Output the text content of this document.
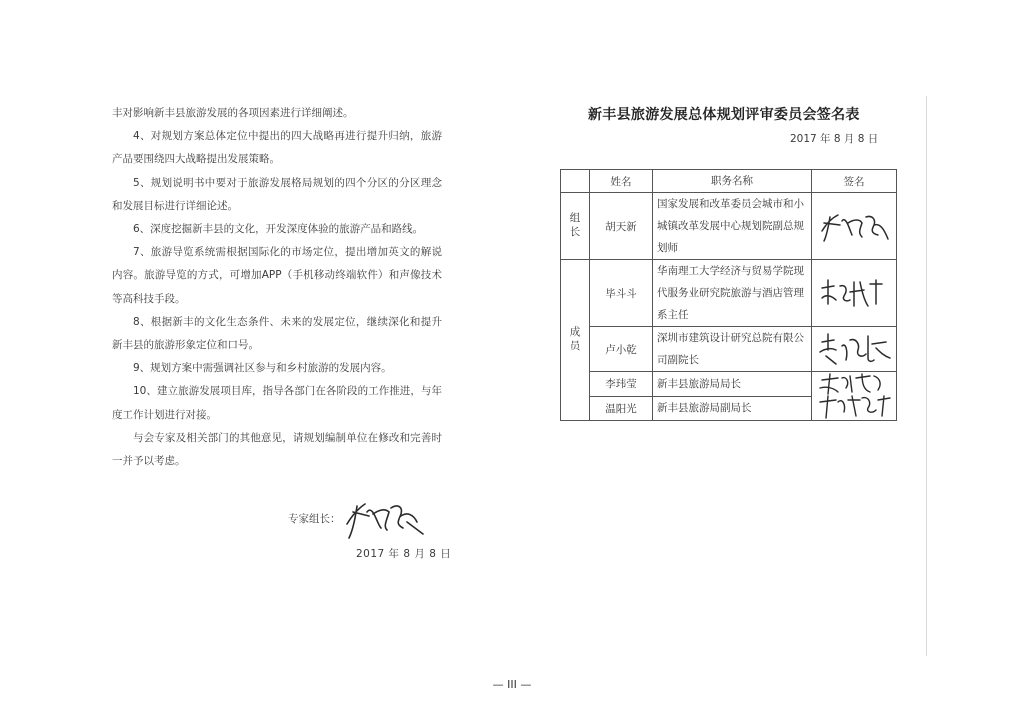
丰对影响新丰县旅游发展的各项因素进行详细阐述。

4、对规划方案总体定位中提出的四大战略再进行提升归纳，旅游产品要围绕四大战略提出发展策略。

5、规划说明书中要对于旅游发展格局规划的四个分区的分区理念和发展目标进行详细论述。

6、深度挖掘新丰县的文化，开发深度体验的旅游产品和路线。

7、旅游导览系统需根据国际化的市场定位，提出增加英文的解说内容。旅游导览的方式，可增加APP（手机移动终端软件）和声像技术等高科技手段。

8、根据新丰的文化生态条件、未来的发展定位，继续深化和提升新丰县的旅游形象定位和口号。

9、规划方案中需强调社区参与和乡村旅游的发展内容。

10、建立旅游发展项目库，指导各部门在各阶段的工作推进，与年度工作计划进行对接。

与会专家及相关部门的其他意见，请规划编制单位在修改和完善时一并予以考虑。

专家组长：
2017 年 8 月 8 日
新丰县旅游发展总体规划评审委员会签名表
2017 年 8 月 8 日
	姓名	职务名称	签名
组长	胡天新	国家发展和改革委员会城市和小城镇改革发展中心规划院副总规划师	

成员	毕斗斗	华南理工大学经济与贸易学院现代服务业研究院旅游与酒店管理系主任	

	卢小乾	深圳市建筑设计研究总院有限公司副院长	

	李玮莹	新丰县旅游局局长	

	温阳光	新丰县旅游局副局长	
— III —
